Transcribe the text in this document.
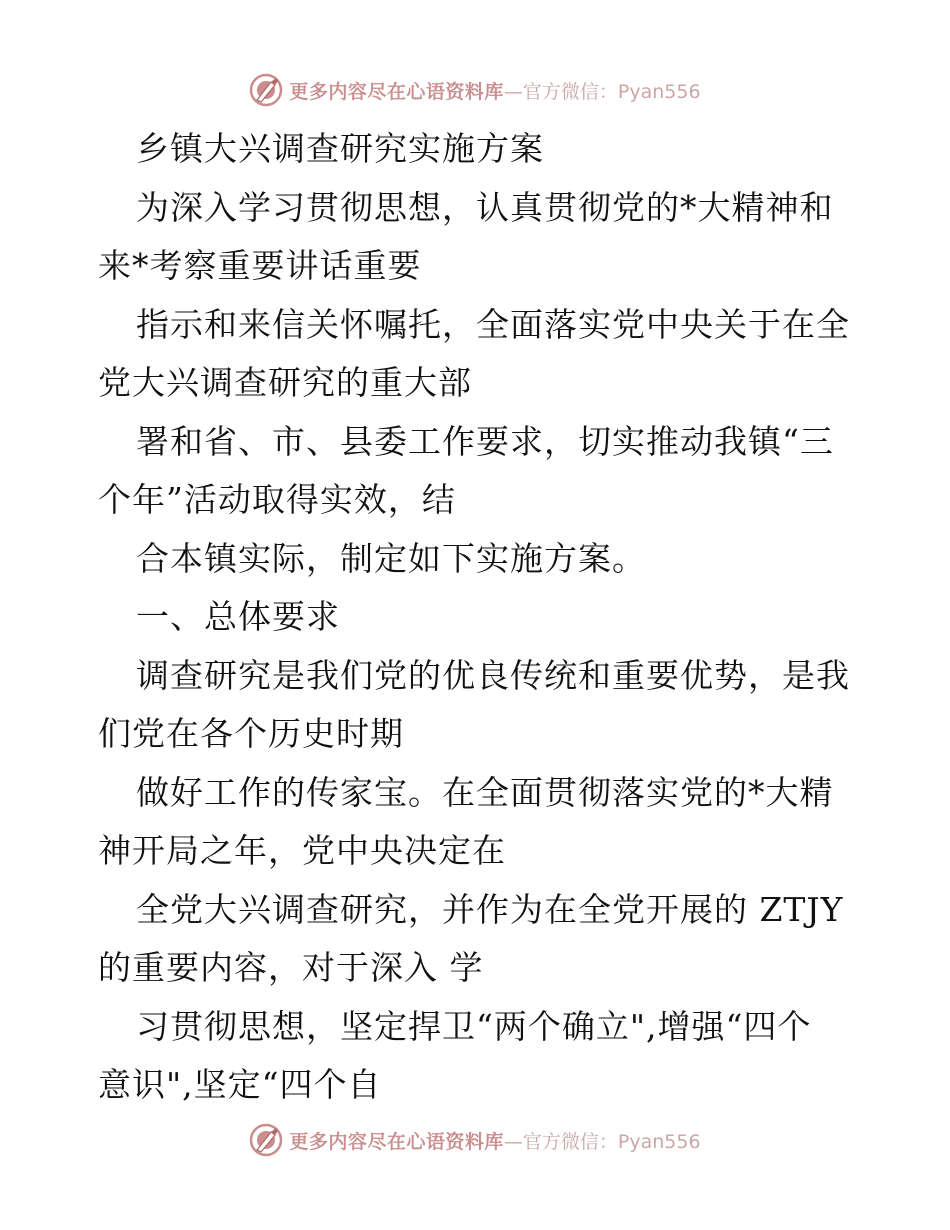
更多内容尽在心语资料库—官方微信：Pyan556
乡镇大兴调查研究实施方案
为深入学习贯彻思想，认真贯彻党的*大精神和
来*考察重要讲话重要
指示和来信关怀嘱托，全面落实党中央关于在全
党大兴调查研究的重大部
署和省、市、县委工作要求，切实推动我镇“三
个年”活动取得实效，结
合本镇实际，制定如下实施方案。
一、总体要求
调查研究是我们党的优良传统和重要优势，是我
们党在各个历史时期
做好工作的传家宝。在全面贯彻落实党的*大精
神开局之年，党中央决定在
全党大兴调查研究，并作为在全党开展的 ZTJY
的重要内容，对于深入 学
习贯彻思想，坚定捍卫“两个确立",增强“四个
意识",坚定“四个自
更多内容尽在心语资料库—官方微信：Pyan556
